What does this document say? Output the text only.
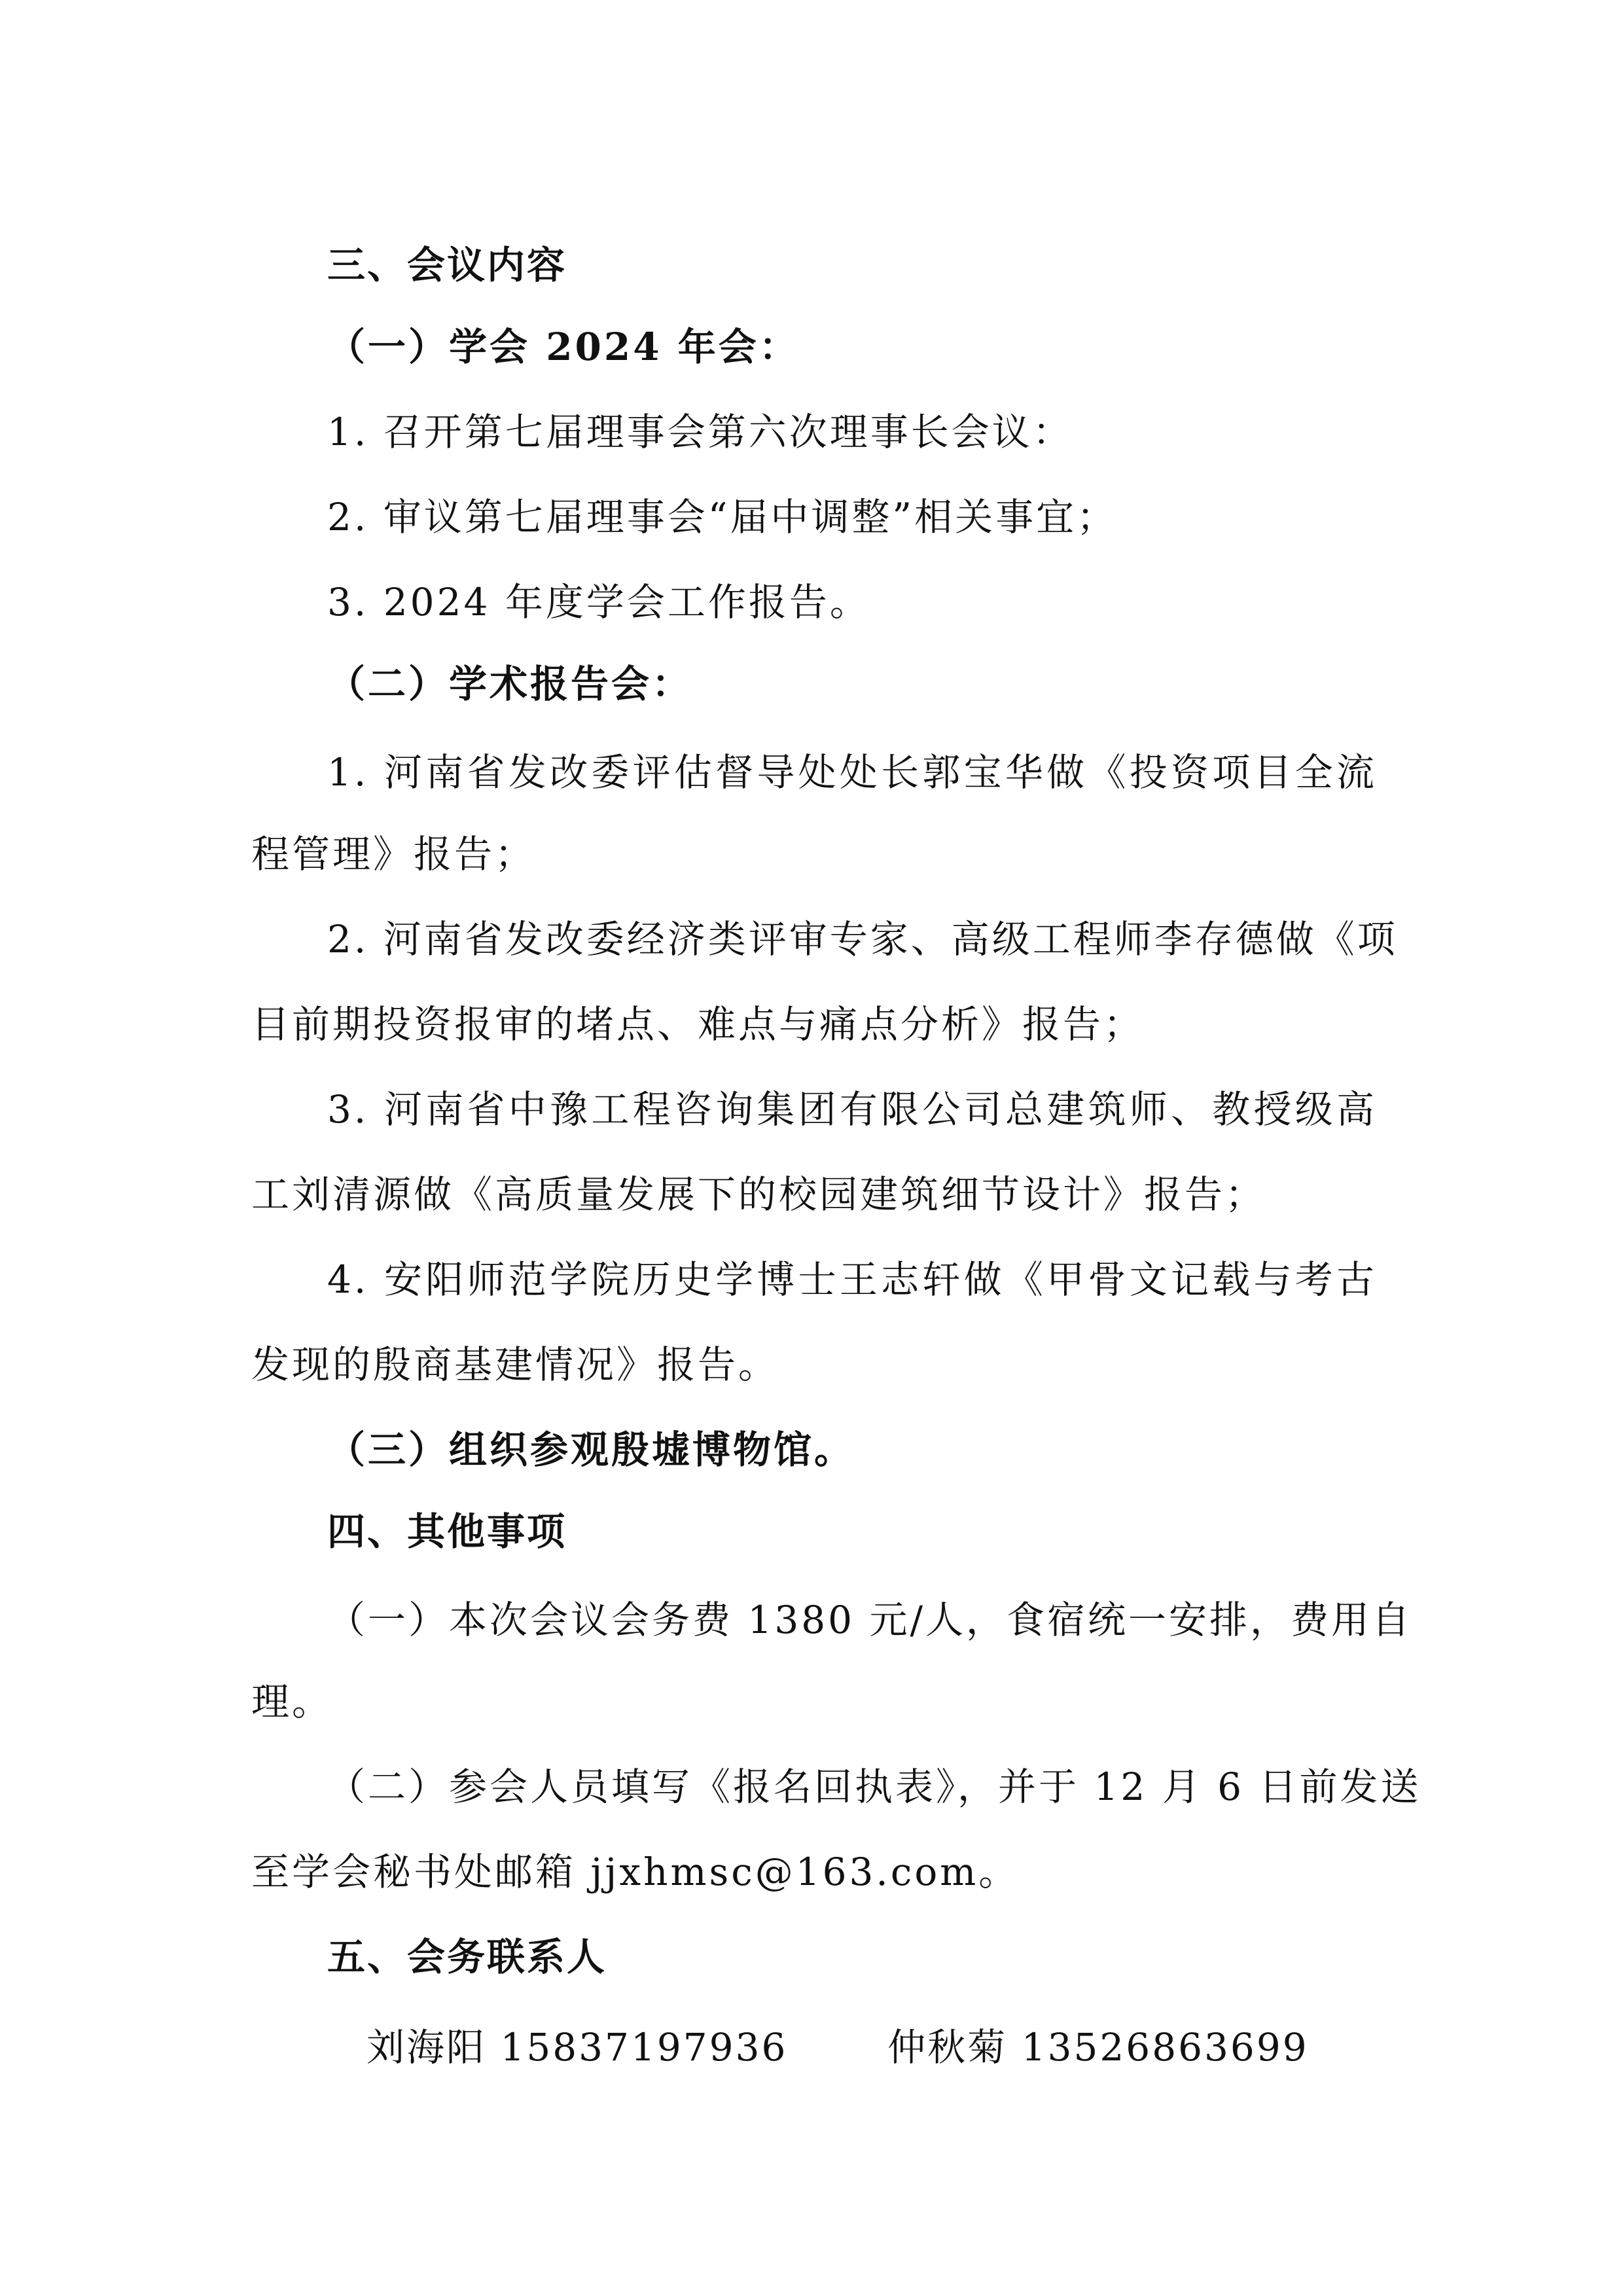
三、会议内容
（一）学会 2024 年会：
1. 召开第七届理事会第六次理事长会议：
2. 审议第七届理事会“届中调整”相关事宜；
3. 2024 年度学会工作报告。
（二）学术报告会：
1. 河南省发改委评估督导处处长郭宝华做《投资项目全流
程管理》报告；
2. 河南省发改委经济类评审专家、高级工程师李存德做《项
目前期投资报审的堵点、难点与痛点分析》报告；
3. 河南省中豫工程咨询集团有限公司总建筑师、教授级高
工刘清源做《高质量发展下的校园建筑细节设计》报告；
4. 安阳师范学院历史学博士王志轩做《甲骨文记载与考古
发现的殷商基建情况》报告。
（三）组织参观殷墟博物馆。
四、其他事项
（一）本次会议会务费 1380 元/人，食宿统一安排，费用自
理。
（二）参会人员填写《报名回执表》，并于 12 月 6 日前发送
至学会秘书处邮箱 jjxhmsc@163.com。
五、会务联系人
刘海阳 15837197936	仲秋菊 13526863699
